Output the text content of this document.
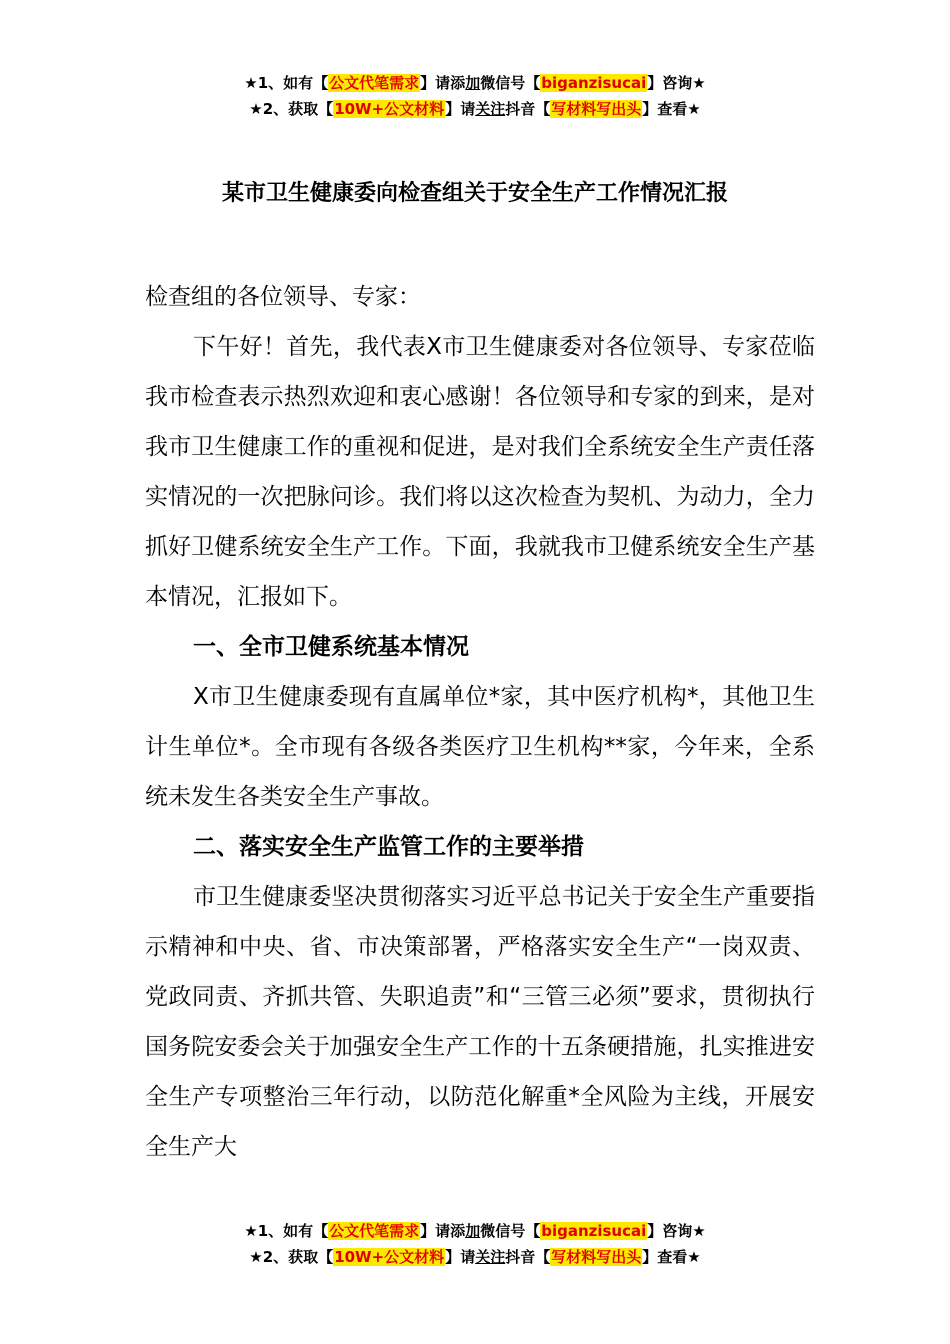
★1、如有【公文代笔需求】请添加微信号【biganzisucai】咨询★
★2、获取【10W+公文材料】请关注抖音【写材料写出头】查看★
某市卫生健康委向检查组关于安全生产工作情况汇报

检查组的各位领导、专家：

下午好！首先，我代表X市卫生健康委对各位领导、专家莅临我市检查表示热烈欢迎和衷心感谢！各位领导和专家的到来，是对我市卫生健康工作的重视和促进，是对我们全系统安全生产责任落实情况的一次把脉问诊。我们将以这次检查为契机、为动力，全力抓好卫健系统安全生产工作。下面，我就我市卫健系统安全生产基本情况，汇报如下。

一、全市卫健系统基本情况

X市卫生健康委现有直属单位*家，其中医疗机构*，其他卫生计生单位*。全市现有各级各类医疗卫生机构**家，今年来，全系统未发生各类安全生产事故。

二、落实安全生产监管工作的主要举措

市卫生健康委坚决贯彻落实习近平总书记关于安全生产重要指示精神和中央、省、市决策部署，严格落实安全生产“一岗双责、党政同责、齐抓共管、失职追责”和“三管三必须”要求，贯彻执行国务院安委会关于加强安全生产工作的十五条硬措施，扎实推进安全生产专项整治三年行动，以防范化解重*全风险为主线，开展安全生产大

★1、如有【公文代笔需求】请添加微信号【biganzisucai】咨询★
★2、获取【10W+公文材料】请关注抖音【写材料写出头】查看★
